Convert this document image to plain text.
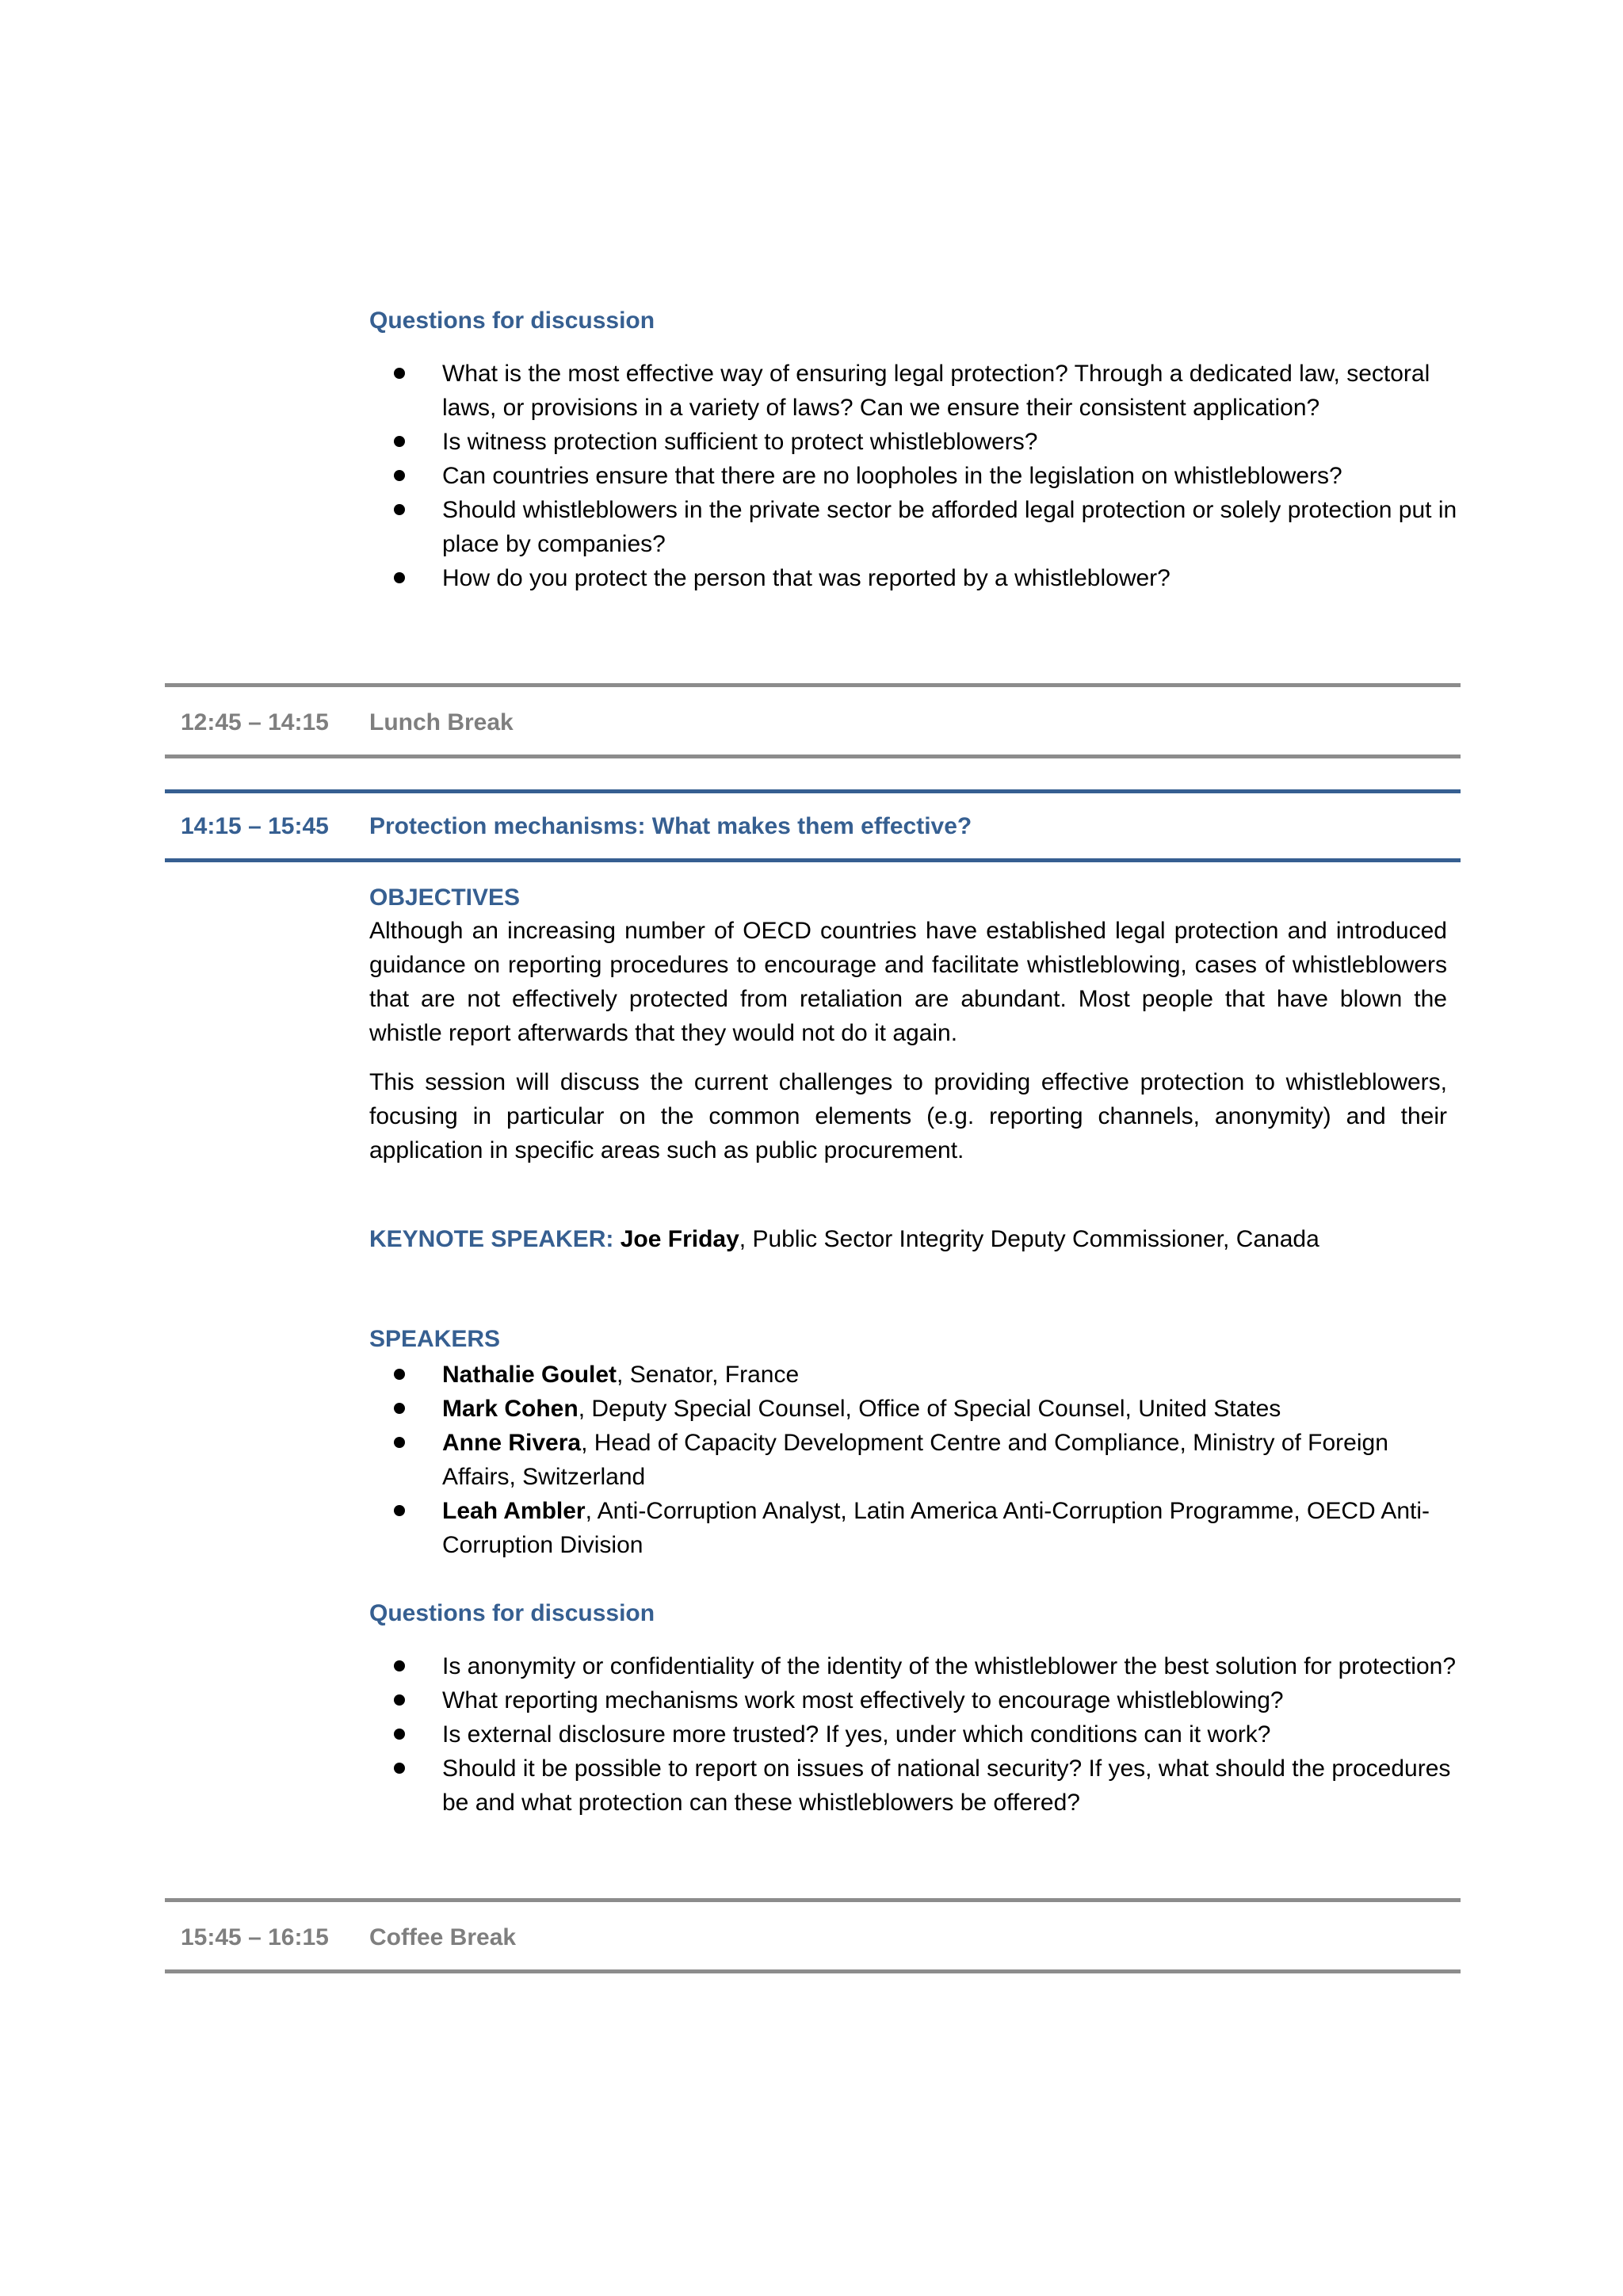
Questions for discussion
What is the most effective way of ensuring legal protection? Through a dedicated law, sectoral laws, or provisions in a variety of laws? Can we ensure their consistent application?
Is witness protection sufficient to protect whistleblowers?
Can countries ensure that there are no loopholes in the legislation on whistleblowers?
Should whistleblowers in the private sector be afforded legal protection or solely protection put in place by companies?
How do you protect the person that was reported by a whistleblower?
12:45 – 14:15 Lunch Break
14:15 – 15:45 Protection mechanisms: What makes them effective?
OBJECTIVES
Although an increasing number of OECD countries have established legal protection and introduced guidance on reporting procedures to encourage and facilitate whistleblowing, cases of whistleblowers that are not effectively protected from retaliation are abundant. Most people that have blown the whistle report afterwards that they would not do it again.
This session will discuss the current challenges to providing effective protection to whistleblowers, focusing in particular on the common elements (e.g. reporting channels, anonymity) and their application in specific areas such as public procurement.
KEYNOTE SPEAKER: Joe Friday, Public Sector Integrity Deputy Commissioner, Canada
SPEAKERS
Nathalie Goulet, Senator, France
Mark Cohen, Deputy Special Counsel, Office of Special Counsel, United States
Anne Rivera, Head of Capacity Development Centre and Compliance, Ministry of Foreign Affairs, Switzerland
Leah Ambler, Anti-Corruption Analyst, Latin America Anti-Corruption Programme, OECD Anti-Corruption Division
Questions for discussion
Is anonymity or confidentiality of the identity of the whistleblower the best solution for protection?
What reporting mechanisms work most effectively to encourage whistleblowing?
Is external disclosure more trusted? If yes, under which conditions can it work?
Should it be possible to report on issues of national security? If yes, what should the procedures be and what protection can these whistleblowers be offered?
15:45 – 16:15 Coffee Break
